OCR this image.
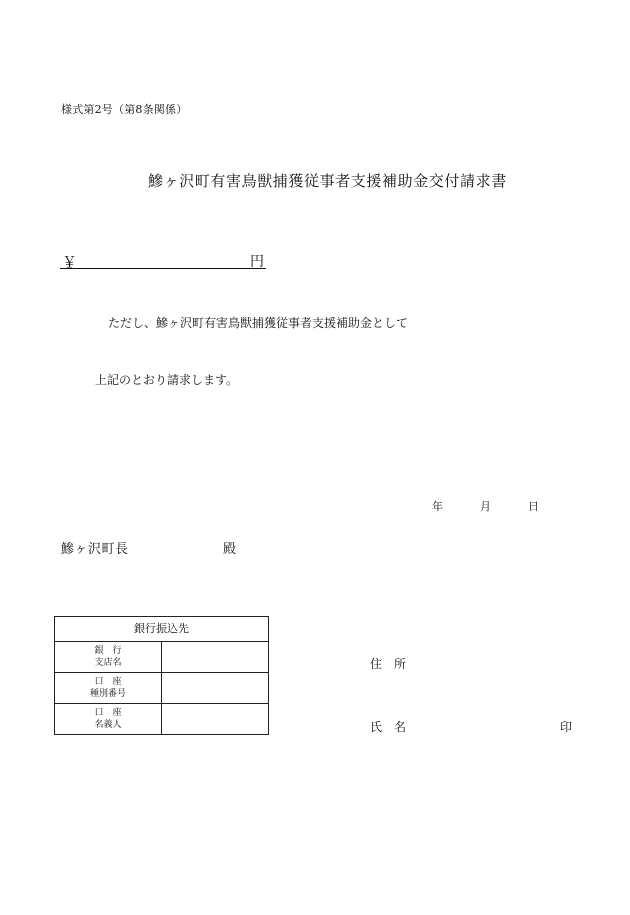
様式第2号（第8条関係）
鰺ヶ沢町有害鳥獣捕獲従事者支援補助金交付請求書
￥	円
ただし、鰺ヶ沢町有害鳥獣捕獲従事者支援補助金として
上記のとおり請求します。
年	月	日
鰺ヶ沢町長	殿
銀行振込先	

銀　行
支店名	

口　座
種別番号	

口　座
名義人	

住　所
氏　名	印
